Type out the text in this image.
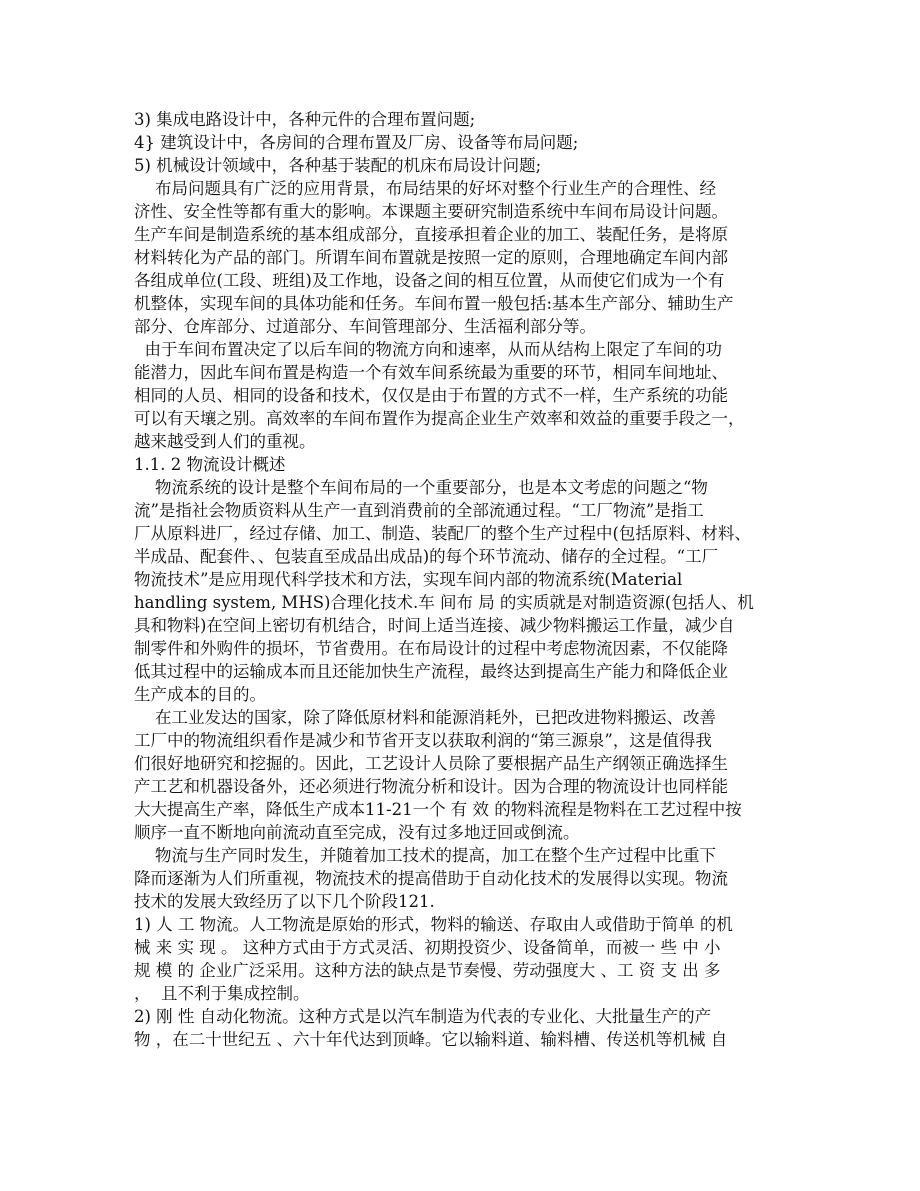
3) 集成电路设计中，各种元件的合理布置问题;
4} 建筑设计中，各房间的合理布置及厂房、设备等布局问题;
5) 机械设计领域中，各种基于装配的机床布局设计问题;
布局问题具有广泛的应用背景，布局结果的好坏对整个行业生产的合理性、经
济性、安全性等都有重大的影响。本课题主要研究制造系统中车间布局设计问题。
生产车间是制造系统的基本组成部分，直接承担着企业的加工、装配任务，是将原
材料转化为产品的部门。所谓车间布置就是按照一定的原则，合理地确定车间内部
各组成单位(工段、班组)及工作地，设备之间的相互位置，从而使它们成为一个有
机整体，实现车间的具体功能和任务。车间布置一般包括:基本生产部分、辅助生产
部分、仓库部分、过道部分、车间管理部分、生活福利部分等。
由于车间布置决定了以后车间的物流方向和速率，从而从结构上限定了车间的功
能潜力，因此车间布置是构造一个有效车间系统最为重要的环节，相同车间地址、
相同的人员、相同的设备和技术，仅仅是由于布置的方式不一样，生产系统的功能
可以有天壤之别。高效率的车间布置作为提高企业生产效率和效益的重要手段之一，
越来越受到人们的重视。
1.1. 2 物流设计概述
物流系统的设计是整个车间布局的一个重要部分，也是本文考虑的问题之“物
流”是指社会物质资料从生产一直到消费前的全部流通过程。“工厂物流”是指工
厂从原料进厂，经过存储、加工、制造、装配厂的整个生产过程中(包括原料、材料、
半成品、配套件、、包装直至成品出成品)的每个环节流动、储存的全过程。“工厂
物流技术”是应用现代科学技术和方法，实现车间内部的物流系统(Material
handling system, MHS)合理化技术.车 间布 局 的实质就是对制造资源(包括人、机
具和物料)在空间上密切有机结合，时间上适当连接、减少物料搬运工作量，减少自
制零件和外购件的损坏，节省费用。在布局设计的过程中考虑物流因素，不仅能降
低其过程中的运输成本而且还能加快生产流程，最终达到提高生产能力和降低企业
生产成本的目的。
在工业发达的国家，除了降低原材料和能源消耗外，已把改进物料搬运、改善
工厂中的物流组织看作是减少和节省开支以获取利润的“第三源泉”，这是值得我
们很好地研究和挖掘的。因此，工艺设计人员除了要根据产品生产纲领正确选择生
产工艺和机器设备外，还必须进行物流分析和设计。因为合理的物流设计也同样能
大大提高生产率，降低生产成本11-21一个 有 效 的物料流程是物料在工艺过程中按
顺序一直不断地向前流动直至完成，没有过多地迂回或倒流。
物流与生产同时发生，并随着加工技术的提高，加工在整个生产过程中比重下
降而逐渐为人们所重视，物流技术的提高借助于自动化技术的发展得以实现。物流
技术的发展大致经历了以下几个阶段121.
1) 人 工 物流。人工物流是原始的形式，物料的输送、存取由人或借助于简单 的机
械 来 实 现 。 这种方式由于方式灵活、初期投资少、设备简单，而被一 些 中 小
规 模 的 企业广泛采用。这种方法的缺点是节奏慢、劳动强度大 、工 资 支 出 多
，  且不利于集成控制。
2) 刚 性 自动化物流。这种方式是以汽车制造为代表的专业化、大批量生产的产
物 ，在二十世纪五 、六十年代达到顶峰。它以输料道、输料槽、传送机等机械 自
